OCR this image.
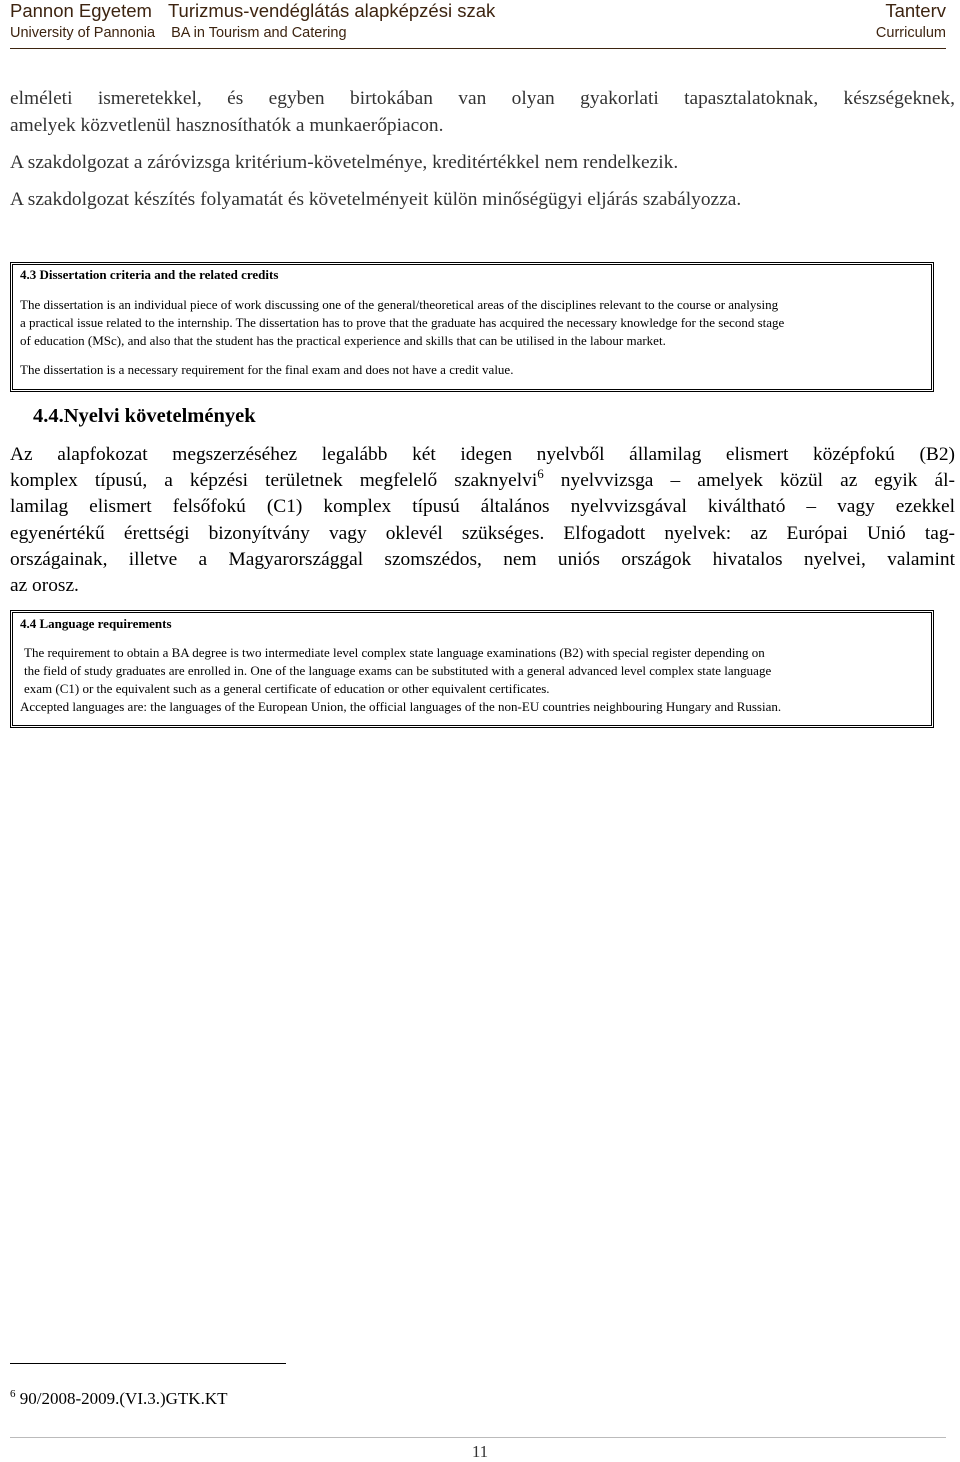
Pannon Egyetem Turizmus-vendéglátás alapképzési szak	Tanterv
University of Pannonia BA in Tourism and Catering	Curriculum
elméleti ismeretekkel, és egyben birtokában van olyan gyakorlati tapasztalatoknak, készségeknek,
amelyek közvetlenül hasznosíthatók a munkaerőpiacon.
A szakdolgozat a záróvizsga kritérium-követelménye, kreditértékkel nem rendelkezik.
A szakdolgozat készítés folyamatát és követelményeit külön minőségügyi eljárás szabályozza.
4.3 Dissertation criteria and the related credits
The dissertation is an individual piece of work discussing one of the general/theoretical areas of the disciplines relevant to the course or analysing
a practical issue related to the internship. The dissertation has to prove that the graduate has acquired the necessary knowledge for the second stage
of education (MSc), and also that the student has the practical experience and skills that can be utilised in the labour market.
The dissertation is a necessary requirement for the final exam and does not have a credit value.
4.4.Nyelvi követelmények
Az alapfokozat megszerzéséhez legalább két idegen nyelvből államilag elismert középfokú (B2)
komplex típusú, a képzési területnek megfelelő szaknyelvi$^6$ nyelvvizsga – amelyek közül az egyik ál-
lamilag elismert felsőfokú (C1) komplex típusú általános nyelvvizsgával kiváltható – vagy ezekkel
egyenértékű érettségi bizonyítvány vagy oklevél szükséges. Elfogadott nyelvek: az Európai Unió tag-
országainak, illetve a Magyarországgal szomszédos, nem uniós országok hivatalos nyelvei, valamint
az orosz.
4.4 Language requirements
The requirement to obtain a BA degree is two intermediate level complex state language examinations (B2) with special register depending on
the field of study graduates are enrolled in. One of the language exams can be substituted with a general advanced level complex state language
exam (C1) or the equivalent such as a general certificate of education or other equivalent certificates.
Accepted languages are: the languages of the European Union, the official languages of the non-EU countries neighbouring Hungary and Russian.
$^6$ 90/2008-2009.(VI.3.)GTK.KT
11
